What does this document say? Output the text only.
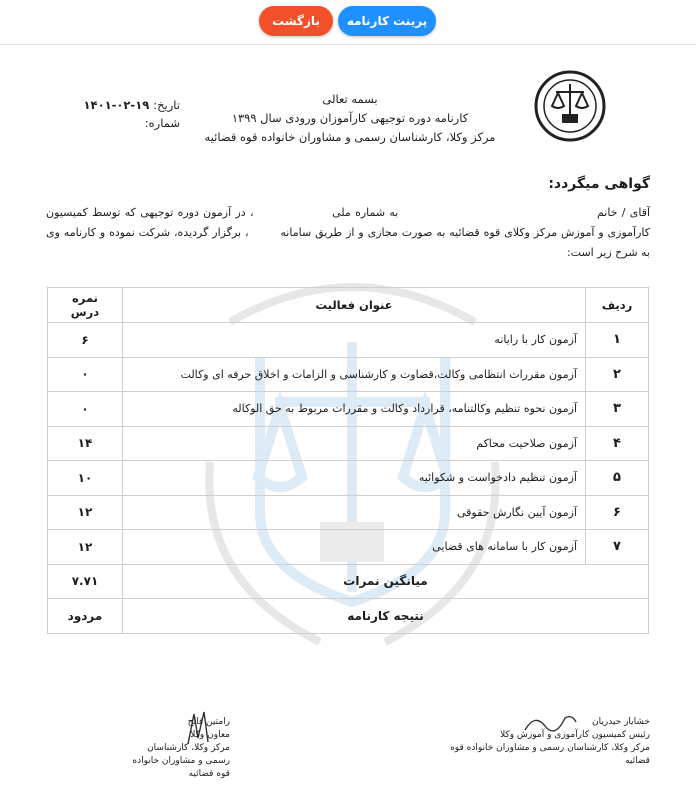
پرینت کارنامه
بازگشت
بسمه تعالی
کارنامه دوره توجیهی کارآموزان ورودی سال ۱۳۹۹
مرکز وکلا، کارشناسان رسمی و مشاوران خانواده قوه قضائیه
تاریخ:
۱۴۰۱-۰۲-۱۹
شماره:
گواهی میگردد:
آقای / خانم  به شماره ملی  ، در آزمون دوره توجیهی که توسط کمیسیون کارآموزی و آموزش مرکز وکلای قوه قضائیه به صورت مجازی و از طریق سامانه  ، برگزار گردیده، شرکت نموده و کارنامه وی به شرح زیر است:
ردیف	عنوان فعالیت	نمره درس
۱	آزمون کار با رایانه	۶
۲	آزمون مقررات انتظامی وکالت،قضاوت و کارشناسی و الزامات و اخلاق حرفه ای وکالت	۰
۳	آزمون نحوه تنظیم وکالتنامه، قرارداد وکالت و مقررات مربوط به حق الوکاله	۰
۴	آزمون صلاحیت محاکم	۱۴
۵	آزمون تنظیم دادخواست و شکوائیه	۱۰
۶	آزمون آیین نگارش حقوقی	۱۲
۷	آزمون کار با سامانه های قضایی	۱۲
میانگین نمرات		۷.۷۱
نتیجه کارنامه		مردود
خشایار حیدریان
رئیس کمیسیون کارآموزی و آموزش وکلا
مرکز وکلا، کارشناسان رسمی و مشاوران خانواده قوه قضائیه
رامتین فالح
معاون وکلا
مرکز وکلا، کارشناسان رسمی و مشاوران خانواده قوه قضائیه
